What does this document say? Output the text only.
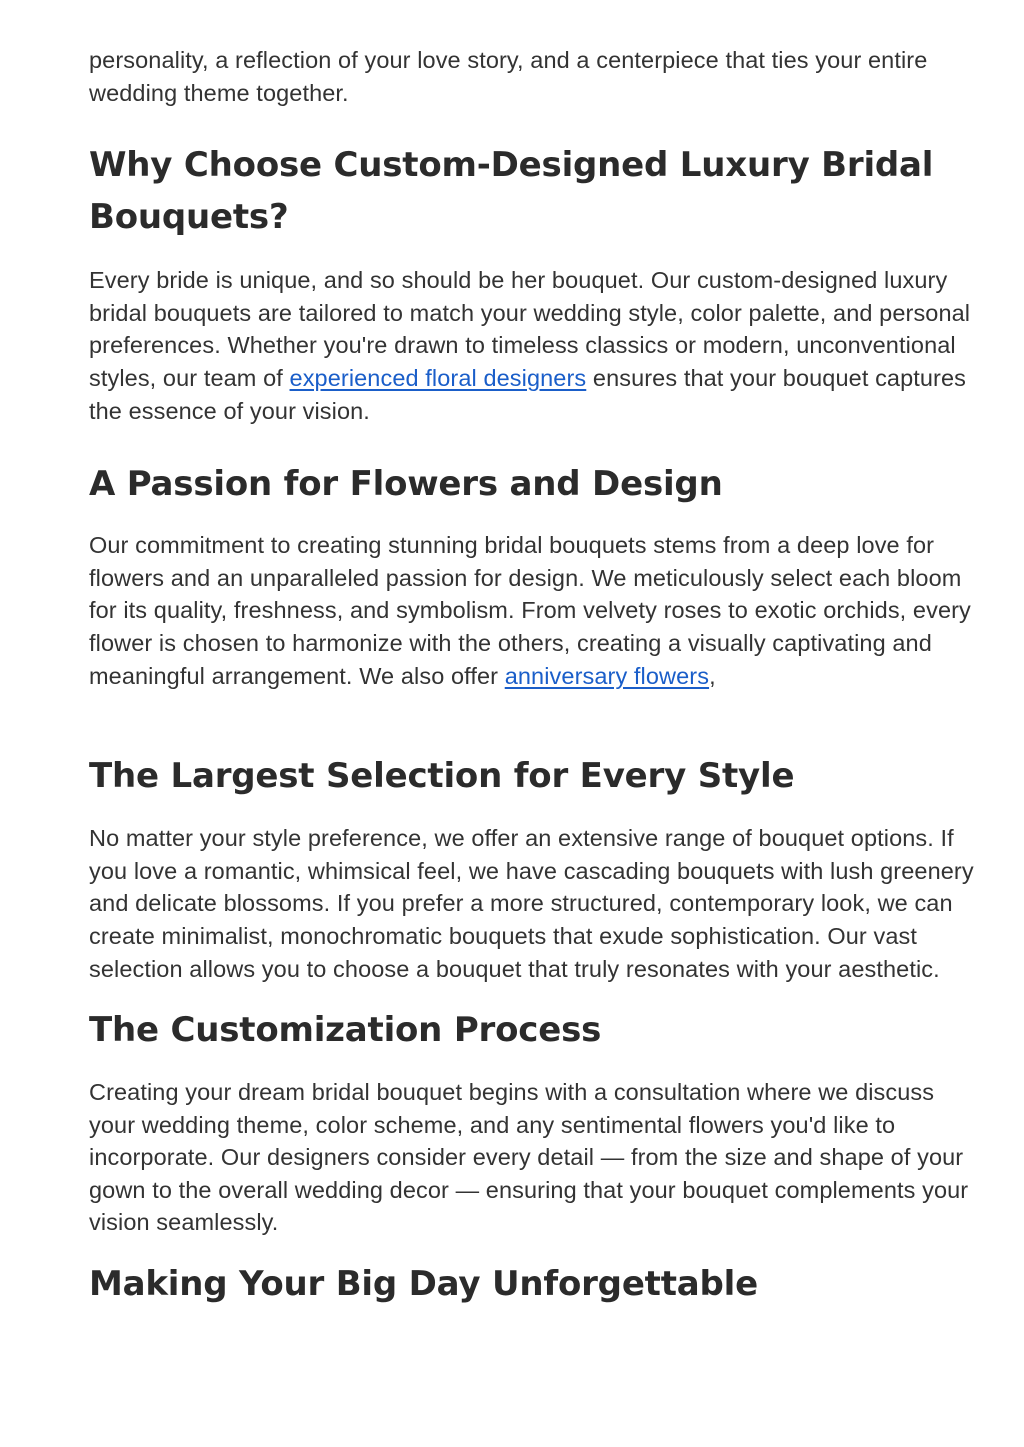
personality, a reflection of your love story, and a centerpiece that ties your entire wedding theme together.

Why Choose Custom-Designed Luxury Bridal Bouquets?

Every bride is unique, and so should be her bouquet. Our custom-designed luxury bridal bouquets are tailored to match your wedding style, color palette, and personal preferences. Whether you're drawn to timeless classics or modern, unconventional styles, our team of experienced floral designers ensures that your bouquet captures the essence of your vision.

A Passion for Flowers and Design

Our commitment to creating stunning bridal bouquets stems from a deep love for flowers and an unparalleled passion for design. We meticulously select each bloom for its quality, freshness, and symbolism. From velvety roses to exotic orchids, every flower is chosen to harmonize with the others, creating a visually captivating and meaningful arrangement. We also offer anniversary flowers,

The Largest Selection for Every Style

No matter your style preference, we offer an extensive range of bouquet options. If you love a romantic, whimsical feel, we have cascading bouquets with lush greenery and delicate blossoms. If you prefer a more structured, contemporary look, we can create minimalist, monochromatic bouquets that exude sophistication. Our vast selection allows you to choose a bouquet that truly resonates with your aesthetic.

The Customization Process

Creating your dream bridal bouquet begins with a consultation where we discuss your wedding theme, color scheme, and any sentimental flowers you'd like to incorporate. Our designers consider every detail — from the size and shape of your gown to the overall wedding decor — ensuring that your bouquet complements your vision seamlessly.

Making Your Big Day Unforgettable
